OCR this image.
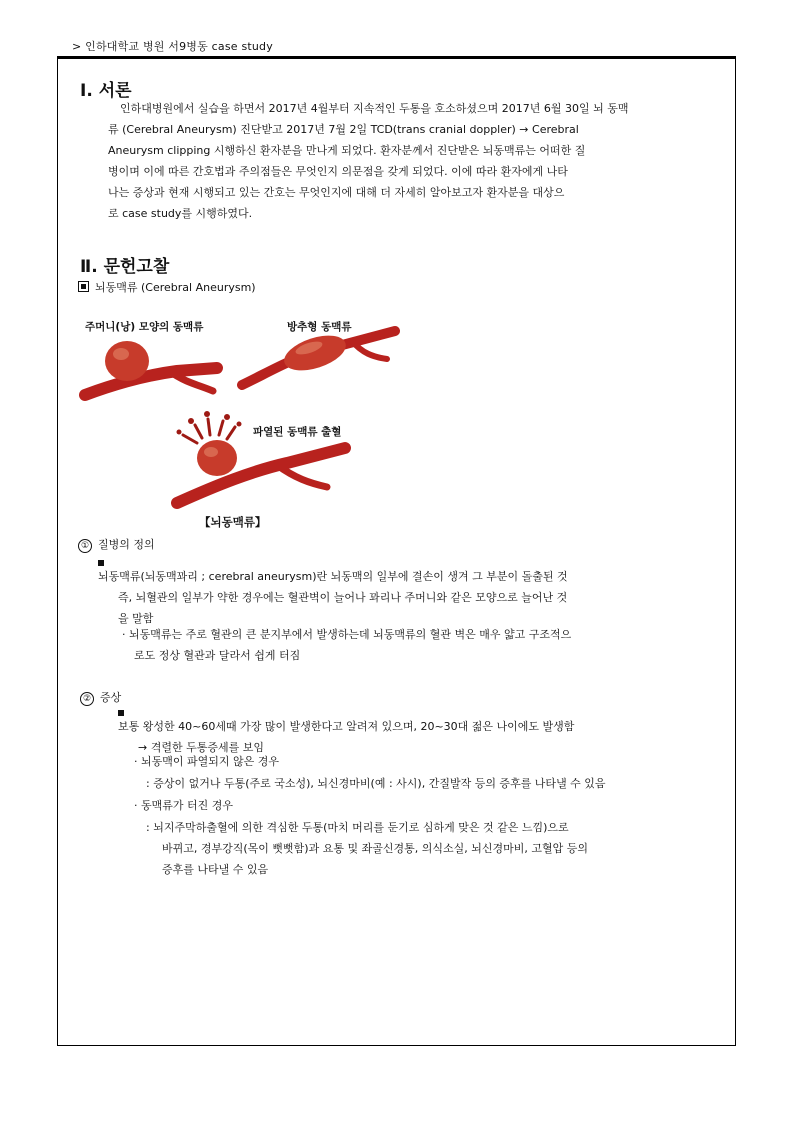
> 인하대학교 병원 서9병동 case study
Ⅰ. 서론
인하대병원에서 실습을 하면서 2017년 4월부터 지속적인 두통을 호소하셨으며 2017년 6월 30일 뇌 동맥
류 (Cerebral Aneurysm) 진단받고 2017년 7월 2일 TCD(trans cranial doppler) → Cerebral
Aneurysm clipping 시행하신 환자분을 만나게 되었다. 환자분께서 진단받은 뇌동맥류는 어떠한 질
병이며 이에 따른 간호법과 주의점들은 무엇인지 의문점을 갖게 되었다. 이에 따라 환자에게 나타
나는 증상과 현재 시행되고 있는 간호는 무엇인지에 대해 더 자세히 알아보고자 환자분을 대상으
로 case study를 시행하였다.
Ⅱ. 문헌고찰
뇌동맥류 (Cerebral Aneurysm)
주머니(낭) 모양의 동맥류	방추형 동맥류
파열된 동맥류 출혈
【뇌동맥류】
① 질병의 정의
뇌동맥류(뇌동맥꽈리 ; cerebral aneurysm)란 뇌동맥의 일부에 결손이 생겨 그 부분이 돌출된 것
즉, 뇌혈관의 일부가 약한 경우에는 혈관벽이 늘어나 꽈리나 주머니와 같은 모양으로 늘어난 것
을 말함
· 뇌동맥류는 주로 혈관의 큰 분지부에서 발생하는데 뇌동맥류의 혈관 벽은 매우 얇고 구조적으
로도 정상 혈관과 달라서 쉽게 터짐
② 증상
보통 왕성한 40~60세때 가장 많이 발생한다고 알려져 있으며, 20~30대 젊은 나이에도 발생함
→ 격렬한 두통증세를 보임
· 뇌동맥이 파열되지 않은 경우
: 증상이 없거나 두통(주로 국소성), 뇌신경마비(예 : 사시), 간질발작 등의 증후를 나타낼 수 있음
· 동맥류가 터진 경우
: 뇌지주막하출혈에 의한 격심한 두통(마치 머리를 둔기로 심하게 맞은 것 같은 느낌)으로
바뀌고, 경부강직(목이 뻣뻣함)과 요통 및 좌골신경통, 의식소실, 뇌신경마비, 고혈압 등의
증후를 나타낼 수 있음
